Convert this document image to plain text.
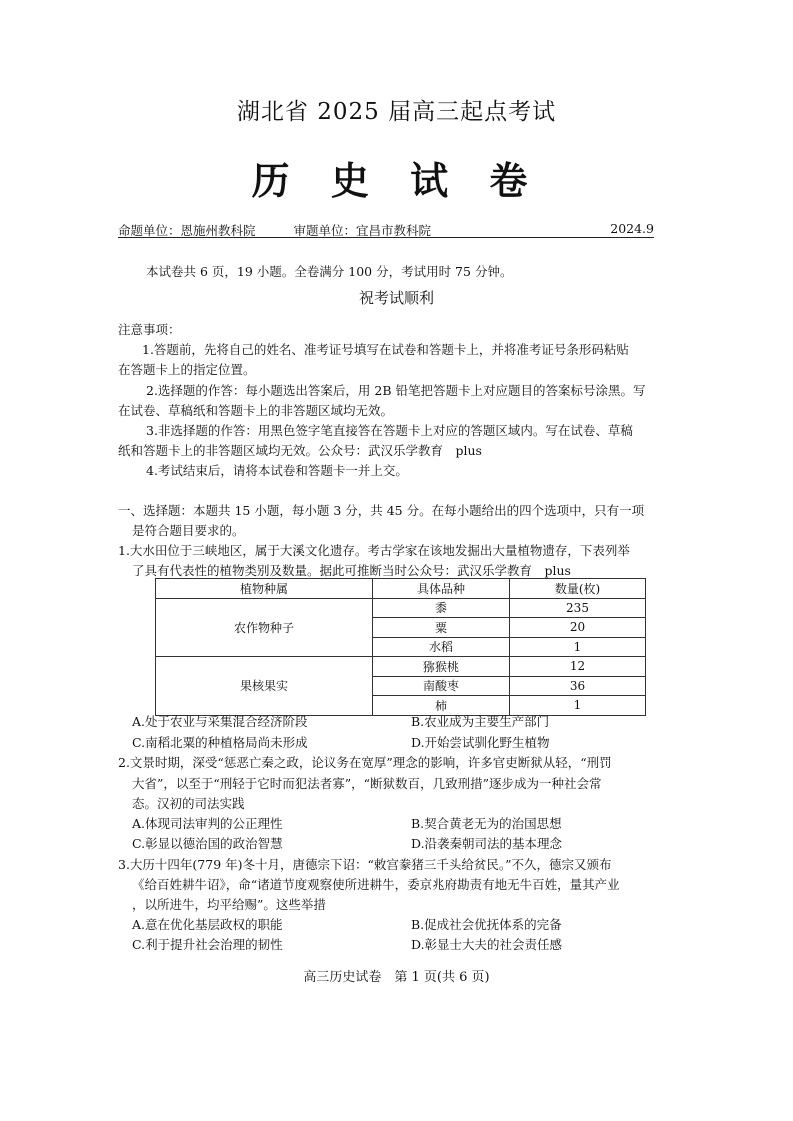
湖北省 2025 届高三起点考试
历 史 试 卷
命题单位：恩施州教科院	审题单位：宜昌市教科院	2024.9
本试卷共 6 页，19 小题。全卷满分 100 分，考试用时 75 分钟。
祝考试顺利
注意事项：
1.答题前，先将自己的姓名、准考证号填写在试卷和答题卡上，并将准考证号条形码粘贴
在答题卡上的指定位置。
2.选择题的作答：每小题选出答案后，用 2B 铅笔把答题卡上对应题目的答案标号涂黑。写
在试卷、草稿纸和答题卡上的非答题区域均无效。
3.非选择题的作答：用黑色签字笔直接答在答题卡上对应的答题区域内。写在试卷、草稿
纸和答题卡上的非答题区域均无效。公众号：武汉乐学教育　plus
4.考试结束后，请将本试卷和答题卡一并上交。
一、选择题：本题共 15 小题，每小题 3 分，共 45 分。在每小题给出的四个选项中，只有一项
是符合题目要求的。
1.大水田位于三峡地区，属于大溪文化遗存。考古学家在该地发掘出大量植物遗存，下表列举
了具有代表性的植物类别及数量。据此可推断当时公众号：武汉乐学教育　plus
植物种属	具体品种	数量(枚)
农作物种子	黍	235
	粟	20
	水稻	1
果核果实	猕猴桃	12
	南酸枣	36
	柿	1
A.处于农业与采集混合经济阶段	B.农业成为主要生产部门
C.南稻北粟的种植格局尚未形成	D.开始尝试驯化野生植物
2.文景时期，深受“惩恶亡秦之政，论议务在宽厚”理念的影响，许多官吏断狱从轻，“刑罚
大省”，以至于“刑轻于它时而犯法者寡”，“断狱数百，几致刑措”逐步成为一种社会常
态。汉初的司法实践
A.体现司法审判的公正理性	B.契合黄老无为的治国思想
C.彰显以德治国的政治智慧	D.沿袭秦朝司法的基本理念
3.大历十四年(779 年)冬十月，唐德宗下诏：“敕宫豢猪三千头给贫民。”不久，德宗又颁布
《给百姓耕牛诏》，命“诸道节度观察使所进耕牛，委京兆府勘责有地无牛百姓，量其产业
，以所进牛，均平给赐”。这些举措
A.意在优化基层政权的职能	B.促成社会优抚体系的完备
C.利于提升社会治理的韧性	D.彰显士大夫的社会责任感
高三历史试卷　第 1 页(共 6 页)
